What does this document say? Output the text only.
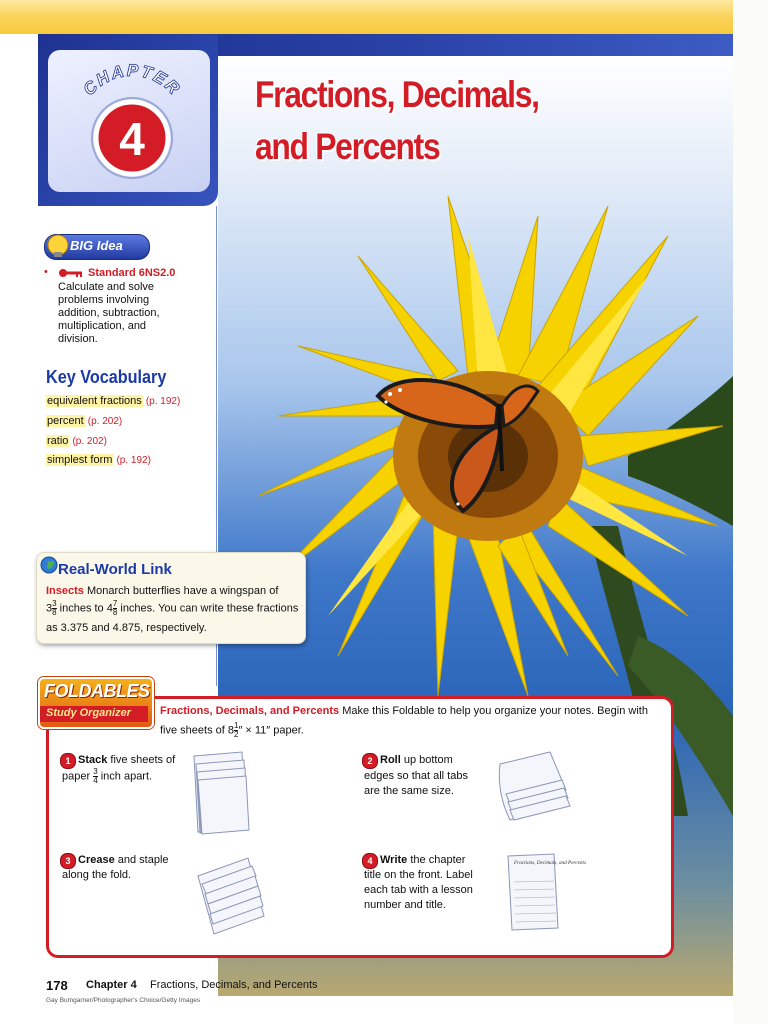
CHAPTER
4
Fractions, Decimals,
and Percents
BIG Idea
•	Standard 6NS2.0
Calculate and solve
problems involving
addition, subtraction,
multiplication, and
division.
Key Vocabulary
equivalent fractions (p. 192)
percent (p. 202)
ratio (p. 202)
simplest form (p. 192)
Real-World Link
Insects Monarch butterflies have a wingspan of
$3 \frac{3}{8}$ inches to $4 \frac{7}{8}$ inches. You can write these fractions
as 3.375 and 4.875, respectively.
FOLDABLES
Study Organizer	Fractions, Decimals, and Percents Make this Foldable to help you organize your notes. Begin with
five sheets of $8 \frac{1}{2}$ ″ × 11″ paper.
1 Stack five sheets of
paper $\frac{3}{4}$ inch apart.
2 Roll up bottom
edges so that all tabs
are the same size.
3 Crease and staple
along the fold.
4 Write the chapter
title on the front. Label
each tab with a lesson
number and title.
Fractions, Decimals, and Percents
178 Chapter 4 Fractions, Decimals, and Percents
Gay Bumgarner/Photographer's Choice/Getty Images
